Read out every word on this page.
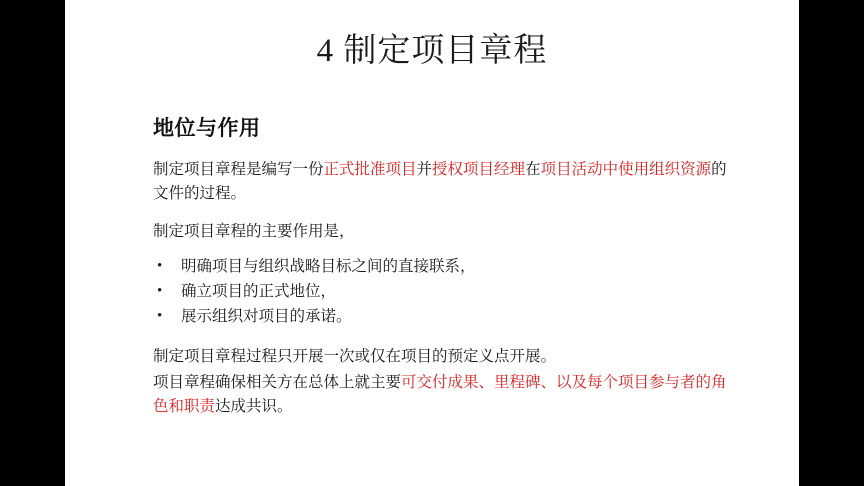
4 制定项目章程
地位与作用

制定项目章程是编写一份正式批准项目并授权项目经理在项目活动中使用组织资源的文件的过程。

制定项目章程的主要作用是，

• 明确项目与组织战略目标之间的直接联系，
• 确立项目的正式地位，
• 展示组织对项目的承诺。

制定项目章程过程只开展一次或仅在项目的预定义点开展。

项目章程确保相关方在总体上就主要可交付成果、里程碑、以及每个项目参与者的角色和职责达成共识。
